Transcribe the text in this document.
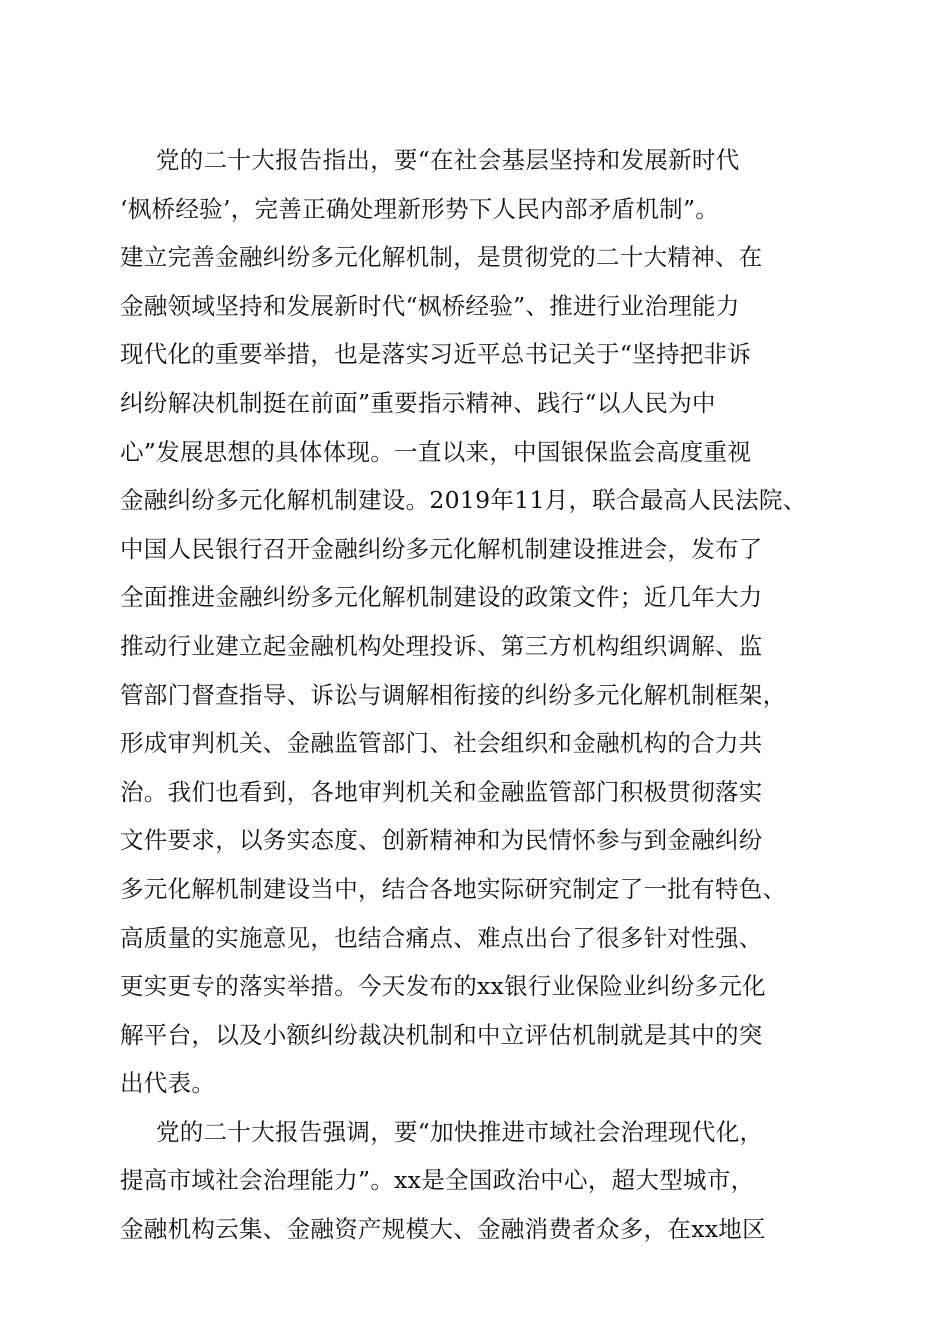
党的二十大报告指出，要“在社会基层坚持和发展新时代
‘枫桥经验’，完善正确处理新形势下人民内部矛盾机制”。
建立完善金融纠纷多元化解机制，是贯彻党的二十大精神、在
金融领域坚持和发展新时代“枫桥经验”、推进行业治理能力
现代化的重要举措，也是落实习近平总书记关于“坚持把非诉
纠纷解决机制挺在前面”重要指示精神、践行“以人民为中
心”发展思想的具体体现。一直以来，中国银保监会高度重视
金融纠纷多元化解机制建设。2019年11月，联合最高人民法院、
中国人民银行召开金融纠纷多元化解机制建设推进会，发布了
全面推进金融纠纷多元化解机制建设的政策文件；近几年大力
推动行业建立起金融机构处理投诉、第三方机构组织调解、监
管部门督查指导、诉讼与调解相衔接的纠纷多元化解机制框架，
形成审判机关、金融监管部门、社会组织和金融机构的合力共
治。我们也看到，各地审判机关和金融监管部门积极贯彻落实
文件要求，以务实态度、创新精神和为民情怀参与到金融纠纷
多元化解机制建设当中，结合各地实际研究制定了一批有特色、
高质量的实施意见，也结合痛点、难点出台了很多针对性强、
更实更专的落实举措。今天发布的xx银行业保险业纠纷多元化
解平台，以及小额纠纷裁决机制和中立评估机制就是其中的突
出代表。
党的二十大报告强调，要“加快推进市域社会治理现代化，
提高市域社会治理能力”。xx是全国政治中心，超大型城市，
金融机构云集、金融资产规模大、金融消费者众多，在xx地区
